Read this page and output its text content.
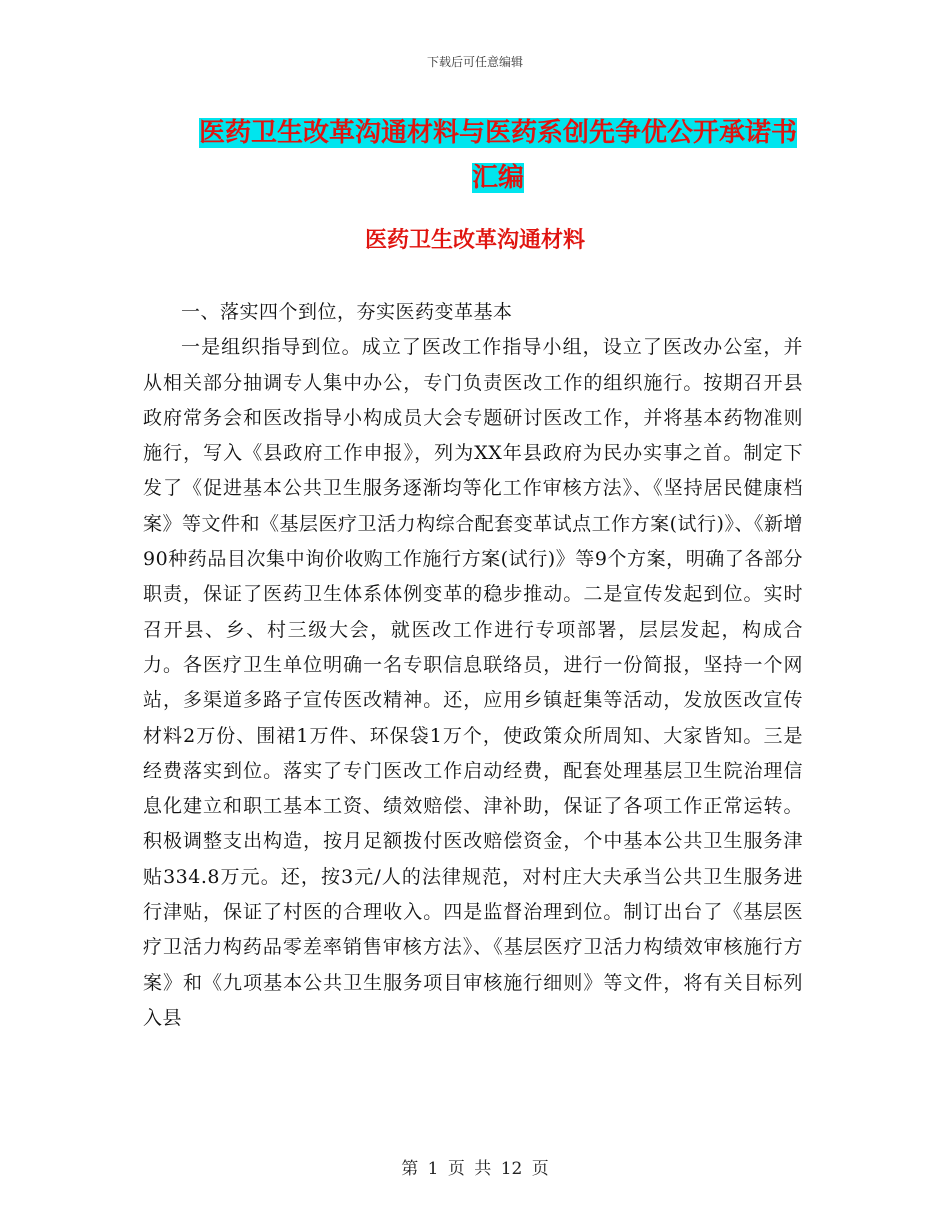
下载后可任意编辑
医药卫生改革沟通材料与医药系创先争优公开承诺书
汇编
医药卫生改革沟通材料

一、落实四个到位，夯实医药变革基本

一是组织指导到位。成立了医改工作指导小组，设立了医改办公室，并从相关部分抽调专人集中办公，专门负责医改工作的组织施行。按期召开县政府常务会和医改指导小构成员大会专题研讨医改工作，并将基本药物准则施行，写入《县政府工作申报》，列为XX年县政府为民办实事之首。制定下发了《促进基本公共卫生服务逐渐均等化工作审核方法》、《坚持居民健康档案》等文件和《基层医疗卫活力构综合配套变革试点工作方案(试行)》、《新增90种药品目次集中询价收购工作施行方案(试行)》等9个方案，明确了各部分职责，保证了医药卫生体系体例变革的稳步推动。二是宣传发起到位。实时召开县、乡、村三级大会，就医改工作进行专项部署，层层发起，构成合力。各医疗卫生单位明确一名专职信息联络员，进行一份简报，坚持一个网站，多渠道多路子宣传医改精神。还，应用乡镇赶集等活动，发放医改宣传材料2万份、围裙1万件、环保袋1万个，使政策众所周知、大家皆知。三是经费落实到位。落实了专门医改工作启动经费，配套处理基层卫生院治理信息化建立和职工基本工资、绩效赔偿、津补助，保证了各项工作正常运转。积极调整支出构造，按月足额拨付医改赔偿资金，个中基本公共卫生服务津贴334.8万元。还，按3元/人的法律规范，对村庄大夫承当公共卫生服务进行津贴，保证了村医的合理收入。四是监督治理到位。制订出台了《基层医疗卫活力构药品零差率销售审核方法》、《基层医疗卫活力构绩效审核施行方案》和《九项基本公共卫生服务项目审核施行细则》等文件，将有关目标列入县

第 1 页 共 12 页
